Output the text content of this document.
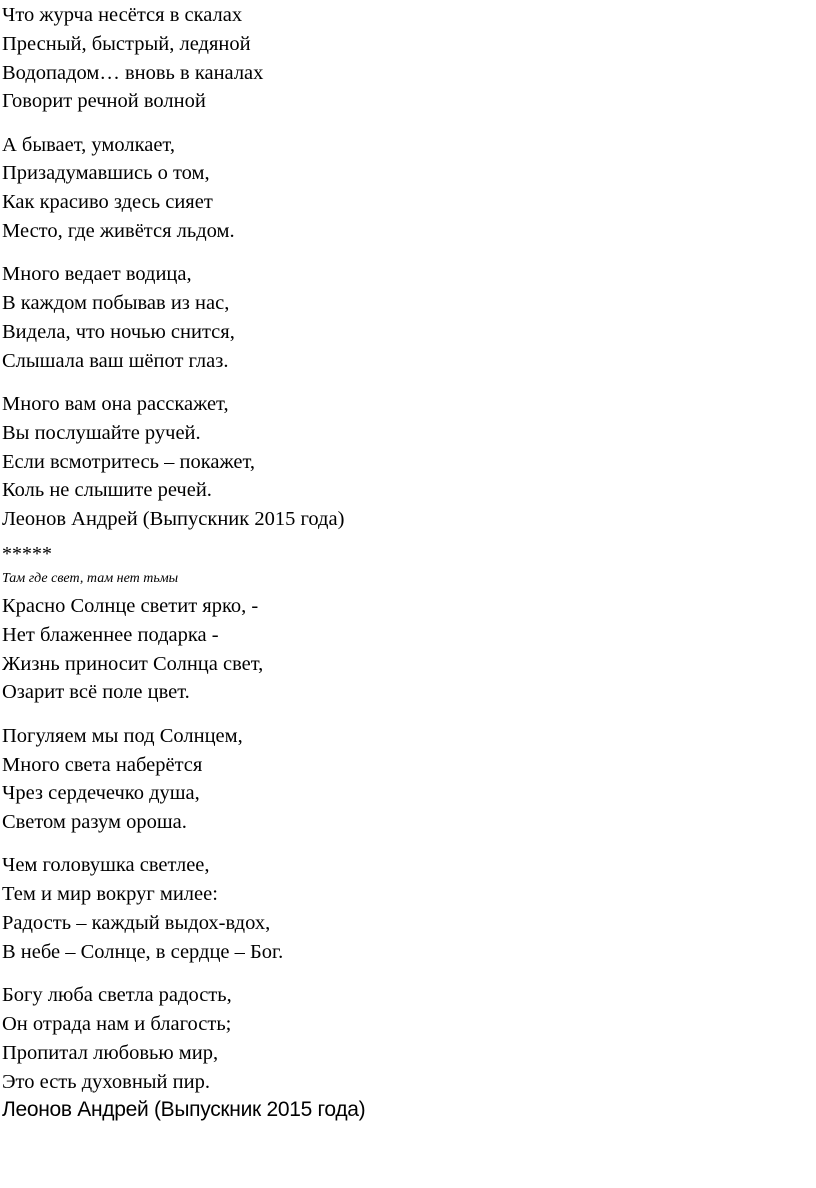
Что журча несётся в скалах
Пресный, быстрый, ледяной
Водопадом… вновь в каналах
Говорит речной волной
А бывает, умолкает,
Призадумавшись о том,
Как красиво здесь сияет
Место, где живётся льдом.
Много ведает водица,
В каждом побывав из нас,
Видела, что ночью снится,
Слышала ваш шёпот глаз.
Много вам она расскажет,
Вы послушайте ручей.
Если всмотритесь – покажет,
Коль не слышите речей.
Леонов Андрей (Выпускник 2015 года)
*****
Там где свет, там нет тьмы
Красно Солнце светит ярко, -
Нет блаженнее подарка -
Жизнь приносит Солнца свет,
Озарит всё поле цвет.
Погуляем мы под Солнцем,
Много света наберётся
Чрез сердечечко душа,
Светом разум ороша.
Чем головушка светлее,
Тем и мир вокруг милее:
Радость – каждый выдох-вдох,
В небе – Солнце, в сердце – Бог.
Богу люба светла радость,
Он отрада нам и благость;
Пропитал любовью мир,
Это есть духовный пир.
Леонов Андрей (Выпускник 2015 года)
